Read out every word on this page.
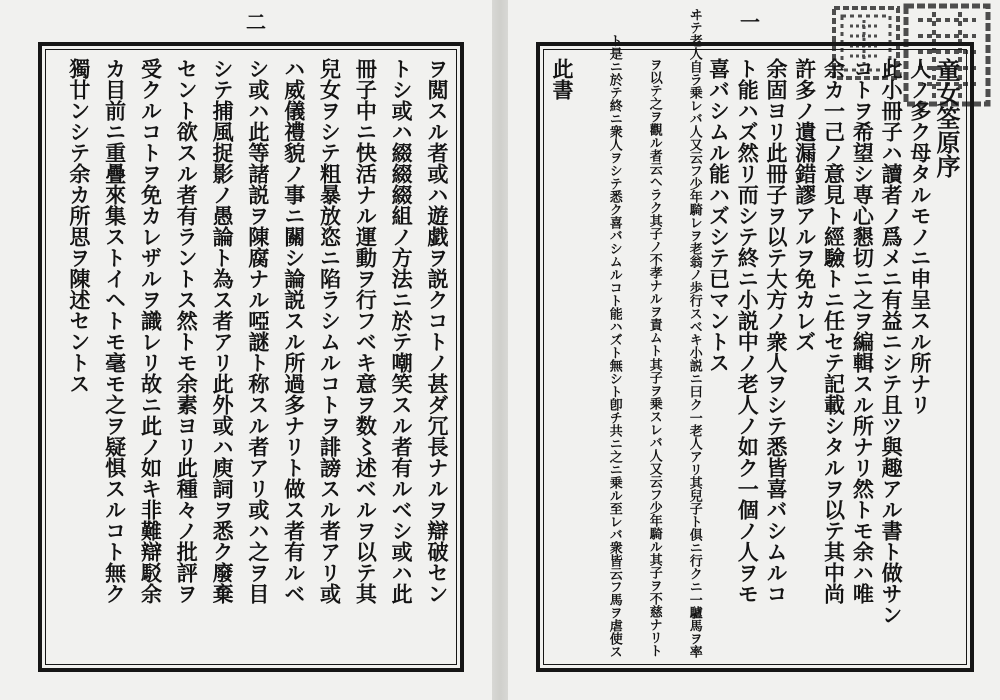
二
ヲ閲スル者或ハ遊戯ヲ説クコトノ甚ダ冗長ナルヲ辯破セン
トシ或ハ綴綴綴組ノ方法ニ於テ嘲笑スル者有ルベシ或ハ此
冊子中ニ快活ナル運動ヲ行フベキ意ヲ数〻述ベルヲ以テ其
兒女ヲシテ粗暴放恣ニ陷ラシムルコトヲ誹謗スル者アリ或
ハ威儀禮貌ノ事ニ關シ論説スル所過多ナリト做ス者有ルベ
シ或ハ此等諸説ヲ陳腐ナル啞謎ト称スル者アリ或ハ之ヲ目
シテ捕風捉影ノ愚論ト為ス者アリ此外或ハ庾詞ヲ悉ク廢棄
セント欲スル者有ラントス然トモ余素ヨリ此種々ノ批評ヲ
受クルコトヲ免カレザルヲ識レリ故ニ此ノ如キ非難辯駁余
カ目前ニ重疊來集ストイヘトモ毫モ之ヲ疑惧スルコト無ク
獨廿ンシテ余カ所思ヲ陳述セントス
一
童女筌原序
人ノ多ク母タルモノニ申呈スル所ナリ
此小冊子ハ讀者ノ爲メニ有益ニシテ且ツ與趣アル書ト做サン
コトヲ希望シ専心懇切ニ之ヲ編輯スル所ナリ然トモ余ハ唯
余カ一己ノ意見ト經驗トニ任セテ記載シタルヲ以テ其中尚
許多ノ遺漏錯謬アルヲ免カレズ
余固ヨリ此冊子ヲ以テ大方ノ衆人ヲシテ悉皆喜バシムルコ
ト能ハズ然リ而シテ終ニ小説中ノ老人ノ如ク一個ノ人ヲモ
喜バシムル能ハズシテ已マントス
小説ニ曰ク一老人アリ其兒子ト俱ニ行クニ一驢馬ヲ率
ヰテ老人自ラ乗レバ人又云フ少年騎レヲ老翁ノ歩行スベキ
其子ヲ乗スレバ人又云フ少年騎ル其子ヲ不慈ナリト
ヲ以テ之ヲ觀ル者云ヘラク其子ノ不孝ナルヲ責ムト
無シト卽チ共ニ之ニ乗ル至レバ衆皆云フ馬ヲ虐使ス
ト是ニ於テ終ニ衆人ヲシテ悉ク喜バシムルコト能ハズト
此書
